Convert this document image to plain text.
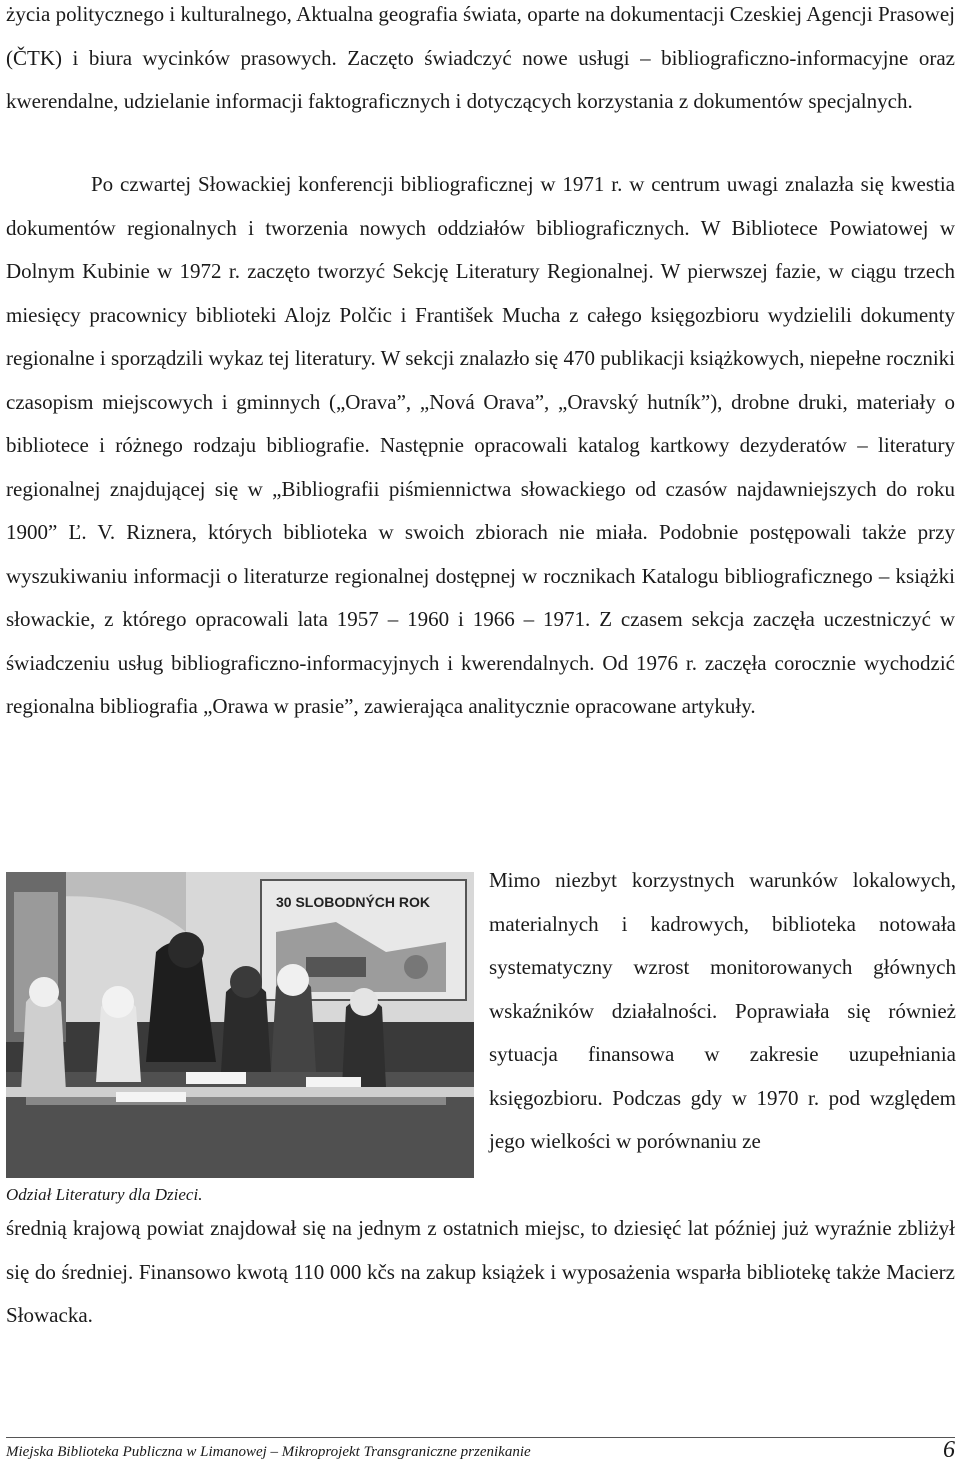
życia politycznego i kulturalnego, Aktualna geografia świata, oparte na dokumentacji Czeskiej Agencji Prasowej (ČTK) i biura wycinków prasowych. Zaczęto świadczyć nowe usługi – bibliograficzno-informacyjne oraz kwerendalne, udzielanie informacji faktograficznych i dotyczących korzystania z dokumentów specjalnych.

Po czwartej Słowackiej konferencji bibliograficznej w 1971 r. w centrum uwagi znalazła się kwestia dokumentów regionalnych i tworzenia nowych oddziałów bibliograficznych. W Bibliotece Powiatowej w Dolnym Kubinie w 1972 r. zaczęto tworzyć Sekcję Literatury Regionalnej. W pierwszej fazie, w ciągu trzech miesięcy pracownicy biblioteki Alojz Polčic i František Mucha z całego księgozbioru wydzielili dokumenty regionalne i sporządzili wykaz tej literatury. W sekcji znalazło się 470 publikacji książkowych, niepełne roczniki czasopism miejscowych i gminnych („Orava”, „Nová Orava”, „Oravský hutník”), drobne druki, materiały o bibliotece i różnego rodzaju bibliografie. Następnie opracowali katalog kartkowy dezyderatów – literatury regionalnej znajdującej się w „Bibliografii piśmiennictwa słowackiego od czasów najdawniejszych do roku 1900” Ľ. V. Riznera, których biblioteka w swoich zbiorach nie miała. Podobnie postępowali także przy wyszukiwaniu informacji o literaturze regionalnej dostępnej w rocznikach Katalogu bibliograficznego – książki słowackie, z którego opracowali lata 1957 – 1960 i 1966 – 1971. Z czasem sekcja zaczęła uczestniczyć w świadczeniu usług bibliograficzno-informacyjnych i kwerendalnych. Od 1976 r. zaczęła corocznie wychodzić regionalna bibliografia „Orawa w prasie”, zawierająca analitycznie opracowane artykuły.

30 SLOBODNÝCH ROK
Odział Literatury dla Dzieci.

Mimo niezbyt korzystnych warunków lokalowych, materialnych i kadrowych, biblioteka notowała systematyczny wzrost monitorowanych głównych wskaźników działalności. Poprawiała się również sytuacja finansowa w zakresie uzupełniania księgozbioru. Podczas gdy w 1970 r. pod względem jego wielkości w porównaniu ze

średnią krajową powiat znajdował się na jednym z ostatnich miejsc, to dziesięć lat później już wyraźnie zbliżył się do średniej. Finansowo kwotą 110 000 kčs na zakup książek i wyposażenia wsparła bibliotekę także Macierz Słowacka.

Miejska Biblioteka Publiczna w Limanowej – Mikroprojekt Transgraniczne przenikanie	6
